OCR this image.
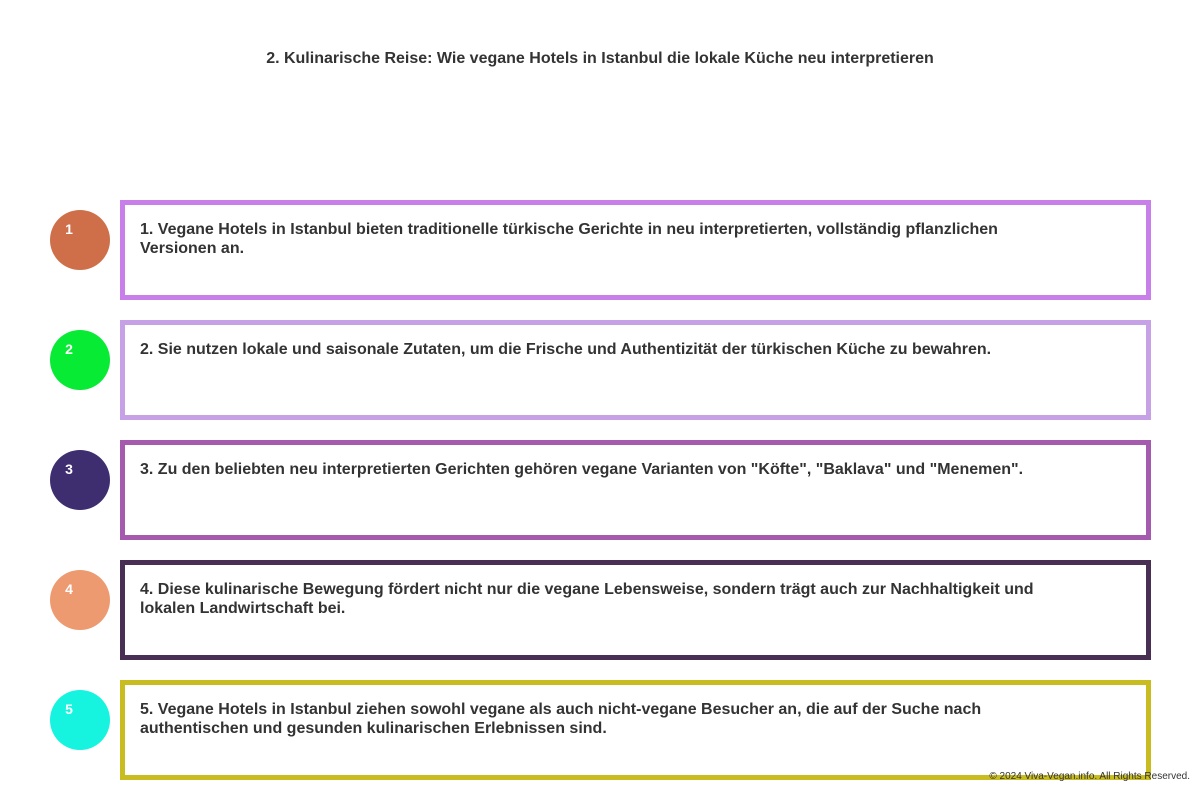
2. Kulinarische Reise: Wie vegane Hotels in Istanbul die lokale Küche neu interpretieren
1	1. Vegane Hotels in Istanbul bieten traditionelle türkische Gerichte in neu interpretierten, vollständig pflanzlichen Versionen an.
2	2. Sie nutzen lokale und saisonale Zutaten, um die Frische und Authentizität der türkischen Küche zu bewahren.
3	3. Zu den beliebten neu interpretierten Gerichten gehören vegane Varianten von "Köfte", "Baklava" und "Menemen".
4	4. Diese kulinarische Bewegung fördert nicht nur die vegane Lebensweise, sondern trägt auch zur Nachhaltigkeit und lokalen Landwirtschaft bei.
5	5. Vegane Hotels in Istanbul ziehen sowohl vegane als auch nicht-vegane Besucher an, die auf der Suche nach authentischen und gesunden kulinarischen Erlebnissen sind.
© 2024 Viva-Vegan.info. All Rights Reserved.
